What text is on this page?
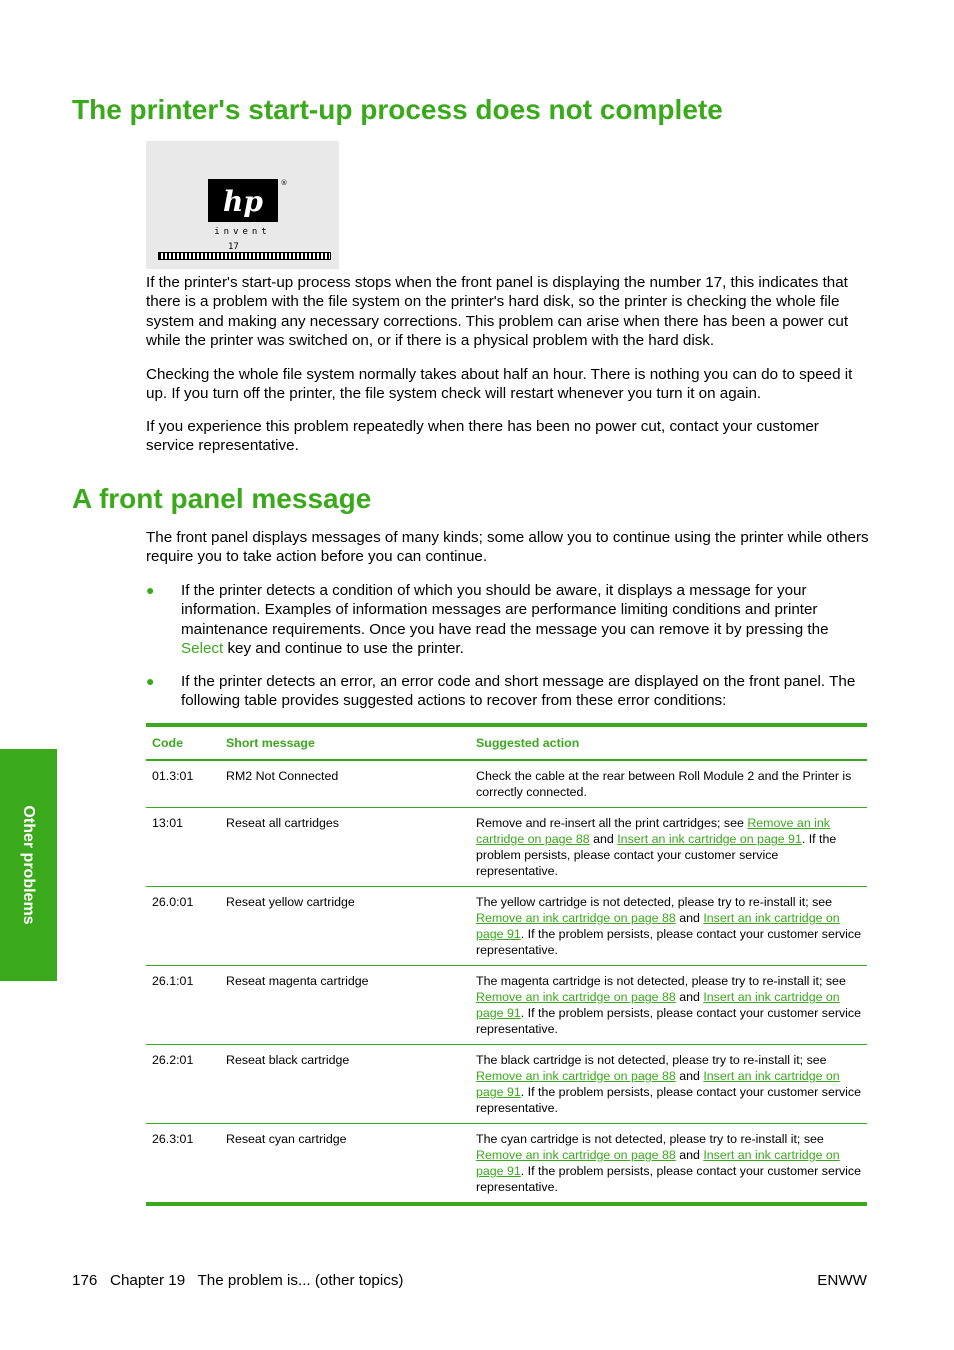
The printer's start-up process does not complete
hp
®
invent
17

If the printer's start-up process stops when the front panel is displaying the number 17, this indicates that there is a problem with the file system on the printer's hard disk, so the printer is checking the whole file system and making any necessary corrections. This problem can arise when there has been a power cut while the printer was switched on, or if there is a physical problem with the hard disk.

Checking the whole file system normally takes about half an hour. There is nothing you can do to speed it up. If you turn off the printer, the file system check will restart whenever you turn it on again.

If you experience this problem repeatedly when there has been no power cut, contact your customer service representative.

A front panel message

The front panel displays messages of many kinds; some allow you to continue using the printer while others require you to take action before you can continue.

●	If the printer detects a condition of which you should be aware, it displays a message for your information. Examples of information messages are performance limiting conditions and printer maintenance requirements. Once you have read the message you can remove it by pressing the Select key and continue to use the printer.
●	If the printer detects an error, an error code and short message are displayed on the front panel. The following table provides suggested actions to recover from these error conditions:
Code	Short message	Suggested action
01.3:01	RM2 Not Connected	Check the cable at the rear between Roll Module 2 and the Printer is correctly connected.
13:01	Reseat all cartridges	Remove and re-insert all the print cartridges; see Remove an ink cartridge on page 88 and Insert an ink cartridge on page 91. If the problem persists, please contact your customer service representative.
26.0:01	Reseat yellow cartridge	The yellow cartridge is not detected, please try to re-install it; see Remove an ink cartridge on page 88 and Insert an ink cartridge on page 91. If the problem persists, please contact your customer service representative.
26.1:01	Reseat magenta cartridge	The magenta cartridge is not detected, please try to re-install it; see Remove an ink cartridge on page 88 and Insert an ink cartridge on page 91. If the problem persists, please contact your customer service representative.
26.2:01	Reseat black cartridge	The black cartridge is not detected, please try to re-install it; see Remove an ink cartridge on page 88 and Insert an ink cartridge on page 91. If the problem persists, please contact your customer service representative.
26.3:01	Reseat cyan cartridge	The cyan cartridge is not detected, please try to re-install it; see Remove an ink cartridge on page 88 and Insert an ink cartridge on page 91. If the problem persists, please contact your customer service representative.
Other problems
176   Chapter 19   The problem is... (other topics)	ENWW
